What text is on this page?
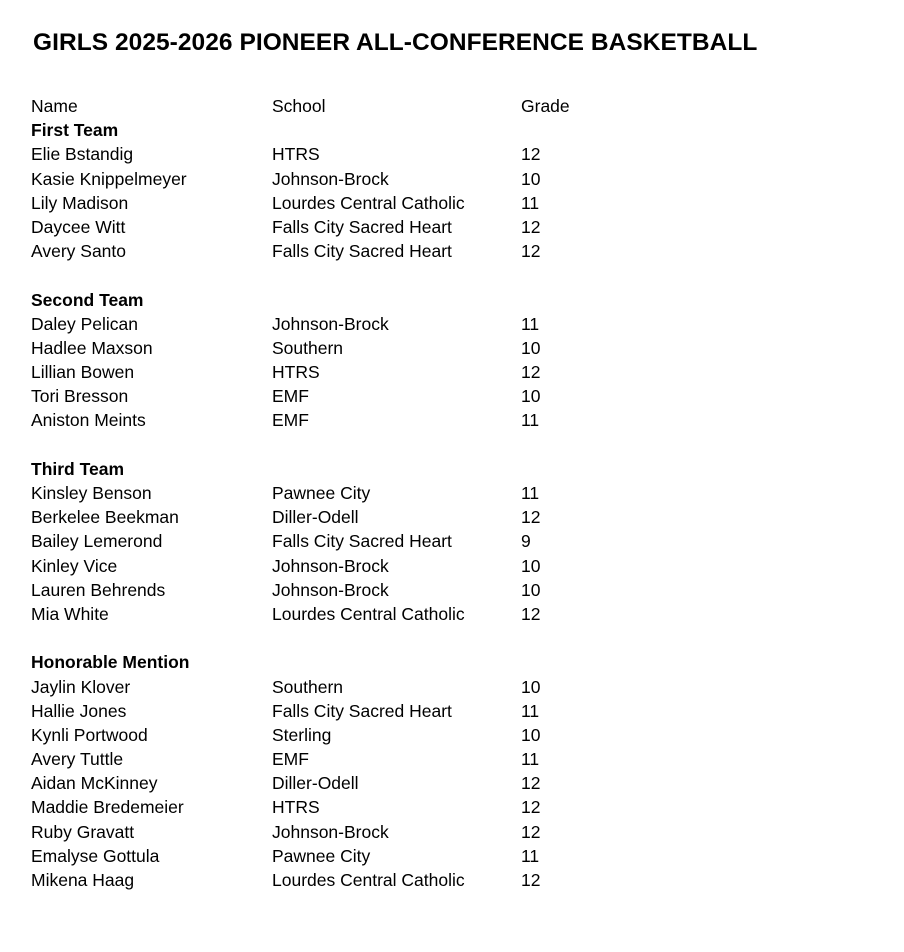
GIRLS 2025-2026 PIONEER ALL-CONFERENCE BASKETBALL
Name	School	Grade
First Team
Elie Bstandig	HTRS	12
Kasie Knippelmeyer	Johnson-Brock	10
Lily Madison	Lourdes Central Catholic	11
Daycee Witt	Falls City Sacred Heart	12
Avery Santo	Falls City Sacred Heart	12
Second Team
Daley Pelican	Johnson-Brock	11
Hadlee Maxson	Southern	10
Lillian Bowen	HTRS	12
Tori Bresson	EMF	10
Aniston Meints	EMF	11
Third Team
Kinsley Benson	Pawnee City	11
Berkelee Beekman	Diller-Odell	12
Bailey Lemerond	Falls City Sacred Heart	9
Kinley Vice	Johnson-Brock	10
Lauren Behrends	Johnson-Brock	10
Mia White	Lourdes Central Catholic	12
Honorable Mention
Jaylin Klover	Southern	10
Hallie Jones	Falls City Sacred Heart	11
Kynli Portwood	Sterling	10
Avery Tuttle	EMF	11
Aidan McKinney	Diller-Odell	12
Maddie Bredemeier	HTRS	12
Ruby Gravatt	Johnson-Brock	12
Emalyse Gottula	Pawnee City	11
Mikena Haag	Lourdes Central Catholic	12
